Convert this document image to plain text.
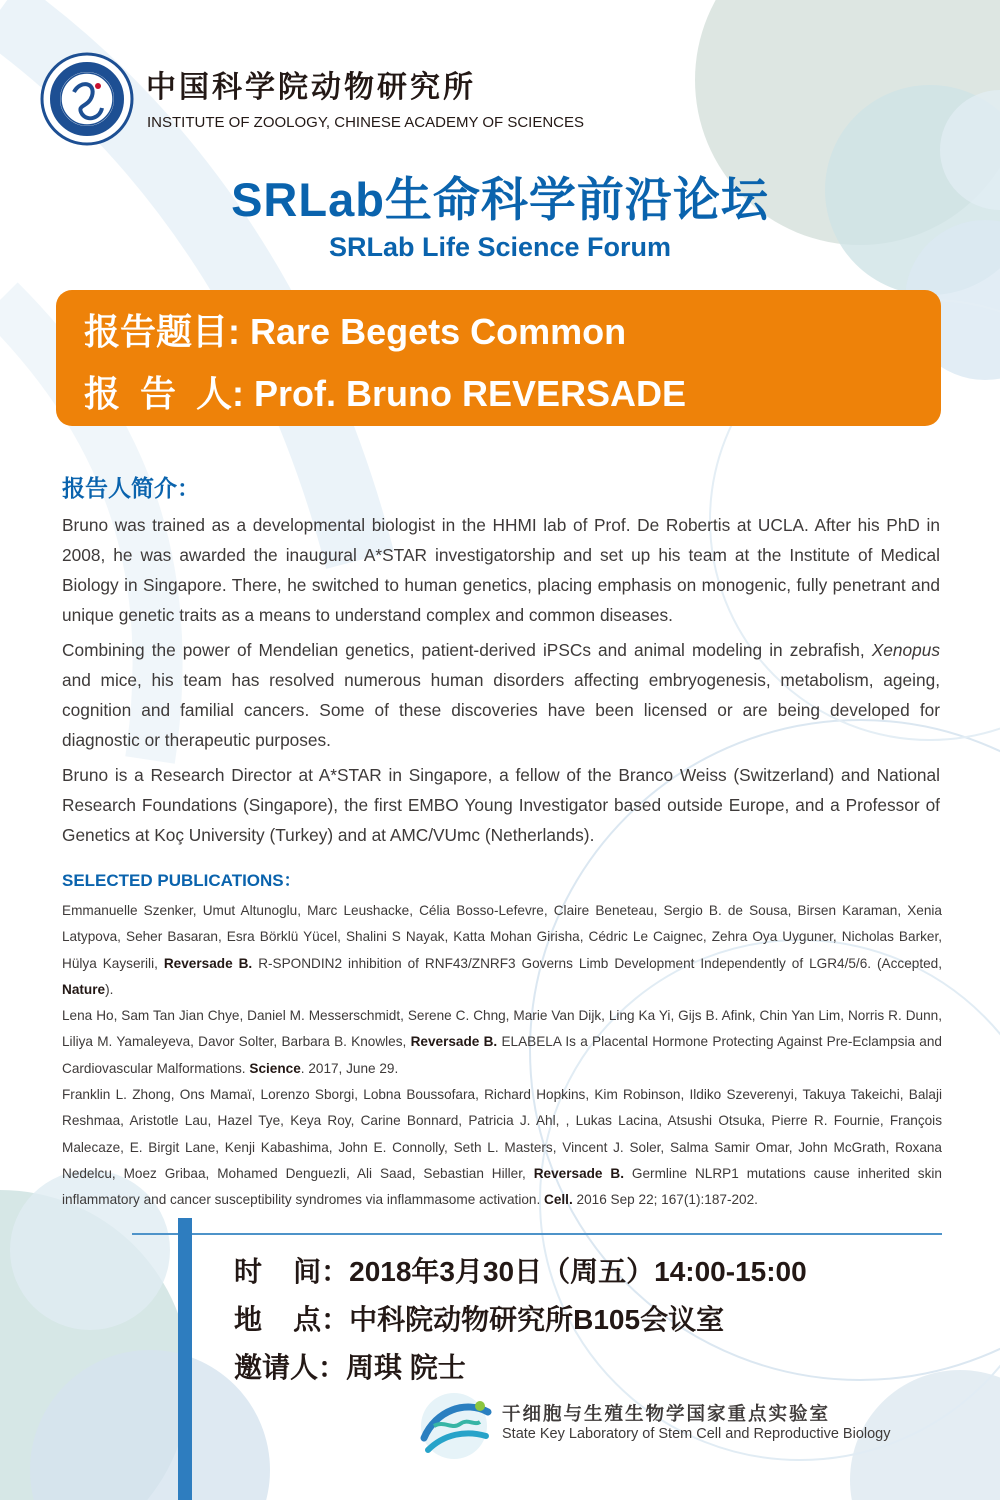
中国科学院动物研究所
INSTITUTE OF ZOOLOGY, CHINESE ACADEMY OF SCIENCES
SRLab生命科学前沿论坛
SRLab Life Science Forum
报告题目: Rare Begets Common
报  告  人: Prof. Bruno REVERSADE
报告人简介：

Bruno was trained as a developmental biologist in the HHMI lab of Prof. De Robertis at UCLA. After his PhD in 2008, he was awarded the inaugural A*STAR investigatorship and set up his team at the Institute of Medical Biology in Singapore. There, he switched to human genetics, placing emphasis on monogenic, fully penetrant and unique genetic traits as a means to understand complex and common diseases.

Combining the power of Mendelian genetics, patient-derived iPSCs and animal modeling in zebrafish, Xenopus and mice, his team has resolved numerous human disorders affecting embryogenesis, metabolism, ageing, cognition and familial cancers. Some of these discoveries have been licensed or are being developed for diagnostic or therapeutic purposes.

Bruno is a Research Director at A*STAR in Singapore, a fellow of the Branco Weiss (Switzerland) and National Research Foundations (Singapore), the first EMBO Young Investigator based outside Europe, and a Professor of Genetics at Koç University (Turkey) and at AMC/VUmc (Netherlands).

SELECTED PUBLICATIONS：

Emmanuelle Szenker, Umut Altunoglu, Marc Leushacke, Célia Bosso-Lefevre, Claire Beneteau, Sergio B. de Sousa, Birsen Karaman, Xenia Latypova, Seher Basaran, Esra Börklü Yücel, Shalini S Nayak, Katta Mohan Girisha, Cédric Le Caignec, Zehra Oya Uyguner, Nicholas Barker, Hülya Kayserili, Reversade B. R-SPONDIN2 inhibition of RNF43/ZNRF3 Governs Limb Development Independently of LGR4/5/6. (Accepted, Nature).

Lena Ho, Sam Tan Jian Chye, Daniel M. Messerschmidt, Serene C. Chng, Marie Van Dijk, Ling Ka Yi, Gijs B. Afink, Chin Yan Lim, Norris R. Dunn, Liliya M. Yamaleyeva, Davor Solter, Barbara B. Knowles, Reversade B. ELABELA Is a Placental Hormone Protecting Against Pre-Eclampsia and Cardiovascular Malformations. Science. 2017, June 29.

Franklin L. Zhong, Ons Mamaï, Lorenzo Sborgi, Lobna Boussofara, Richard Hopkins, Kim Robinson, Ildiko Szeverenyi, Takuya Takeichi, Balaji Reshmaa, Aristotle Lau, Hazel Tye, Keya Roy, Carine Bonnard, Patricia J. Ahl, , Lukas Lacina, Atsushi Otsuka, Pierre R. Fournie, François Malecaze, E. Birgit Lane, Kenji Kabashima, John E. Connolly, Seth L. Masters, Vincent J. Soler, Salma Samir Omar, John McGrath, Roxana Nedelcu, Moez Gribaa, Mohamed Denguezli, Ali Saad, Sebastian Hiller, Reversade B. Germline NLRP1 mutations cause inherited skin inflammatory and cancer susceptibility syndromes via inflammasome activation. Cell. 2016 Sep 22; 167(1):187-202.

时    间：2018年3月30日（周五）14:00-15:00
地    点：中科院动物研究所B105会议室
邀请人：周琪 院士
干细胞与生殖生物学国家重点实验室
State Key Laboratory of Stem Cell and Reproductive Biology
